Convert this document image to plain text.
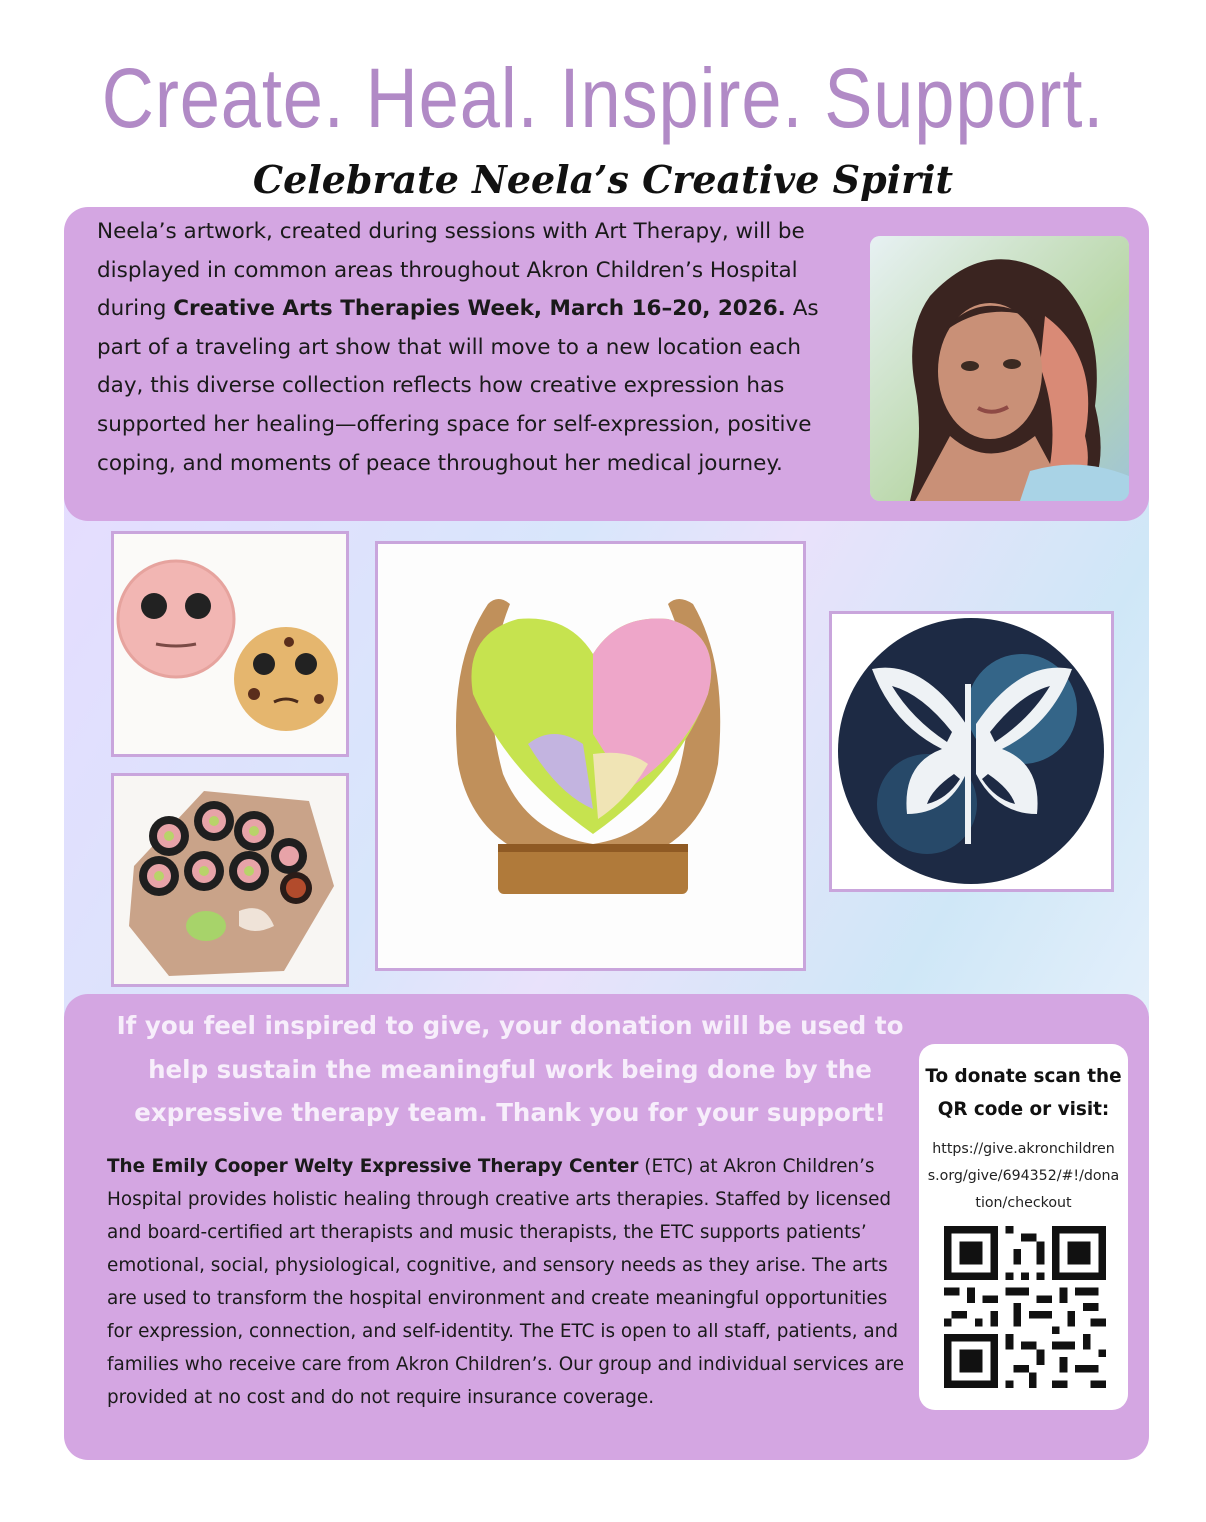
Create. Heal. Inspire. Support.
Celebrate Neela’s Creative Spirit
Neela’s artwork, created during sessions with Art Therapy, will be displayed in common areas throughout Akron Children’s Hospital during Creative Arts Therapies Week, March 16–20, 2026. As part of a traveling art show that will move to a new location each day, this diverse collection reflects how creative expression has supported her healing—offering space for self-expression, positive coping, and moments of peace throughout her medical journey.
If you feel inspired to give, your donation will be used to help sustain the meaningful work being done by the expressive therapy team. Thank you for your support!
The Emily Cooper Welty Expressive Therapy Center (ETC) at Akron Children’s Hospital provides holistic healing through creative arts therapies. Staffed by licensed and board-certified art therapists and music therapists, the ETC supports patients’ emotional, social, physiological, cognitive, and sensory needs as they arise. The arts are used to transform the hospital environment and create meaningful opportunities for expression, connection, and self-identity. The ETC is open to all staff, patients, and families who receive care from Akron Children’s. Our group and individual services are provided at no cost and do not require insurance coverage.
To donate scan the QR code or visit:
https://give.akronchildrens.org/give/694352/#!/donation/checkout
